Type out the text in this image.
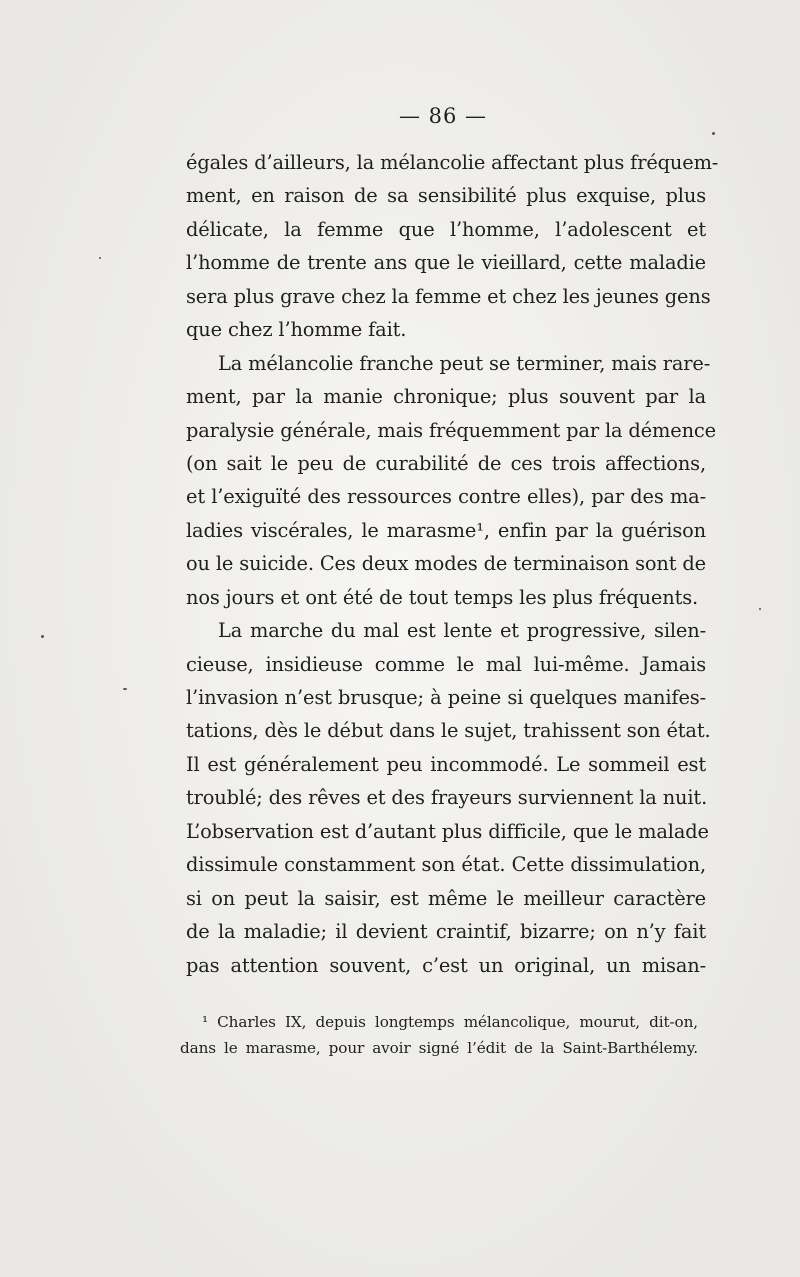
— 86 —
égales d’ailleurs, la mélancolie affectant plus fréquem-
ment, en raison de sa sensibilité plus exquise, plus
délicate, la femme que l’homme, l’adolescent et
l’homme de trente ans que le vieillard, cette maladie
sera plus grave chez la femme et chez les jeunes gens
que chez l’homme fait.
La mélancolie franche peut se terminer, mais rare-
ment, par la manie chronique; plus souvent par la
paralysie générale, mais fréquemment par la démence
(on sait le peu de curabilité de ces trois affections,
et l’exiguïté des ressources contre elles), par des ma-
ladies viscérales, le marasme¹, enfin par la guérison
ou le suicide. Ces deux modes de terminaison sont de
nos jours et ont été de tout temps les plus fréquents.
La marche du mal est lente et progressive, silen-
cieuse, insidieuse comme le mal lui-même. Jamais
l’invasion n’est brusque; à peine si quelques manifes-
tations, dès le début dans le sujet, trahissent son état.
Il est généralement peu incommodé. Le sommeil est
troublé; des rêves et des frayeurs surviennent la nuit.
L’observation est d’autant plus difficile, que le malade
dissimule constamment son état. Cette dissimulation,
si on peut la saisir, est même le meilleur caractère
de la maladie; il devient craintif, bizarre; on n’y fait
pas attention souvent, c’est un original, un misan-
¹ Charles IX, depuis longtemps mélancolique, mourut, dit-on,
dans le marasme, pour avoir signé l’édit de la Saint-Barthélemy.
